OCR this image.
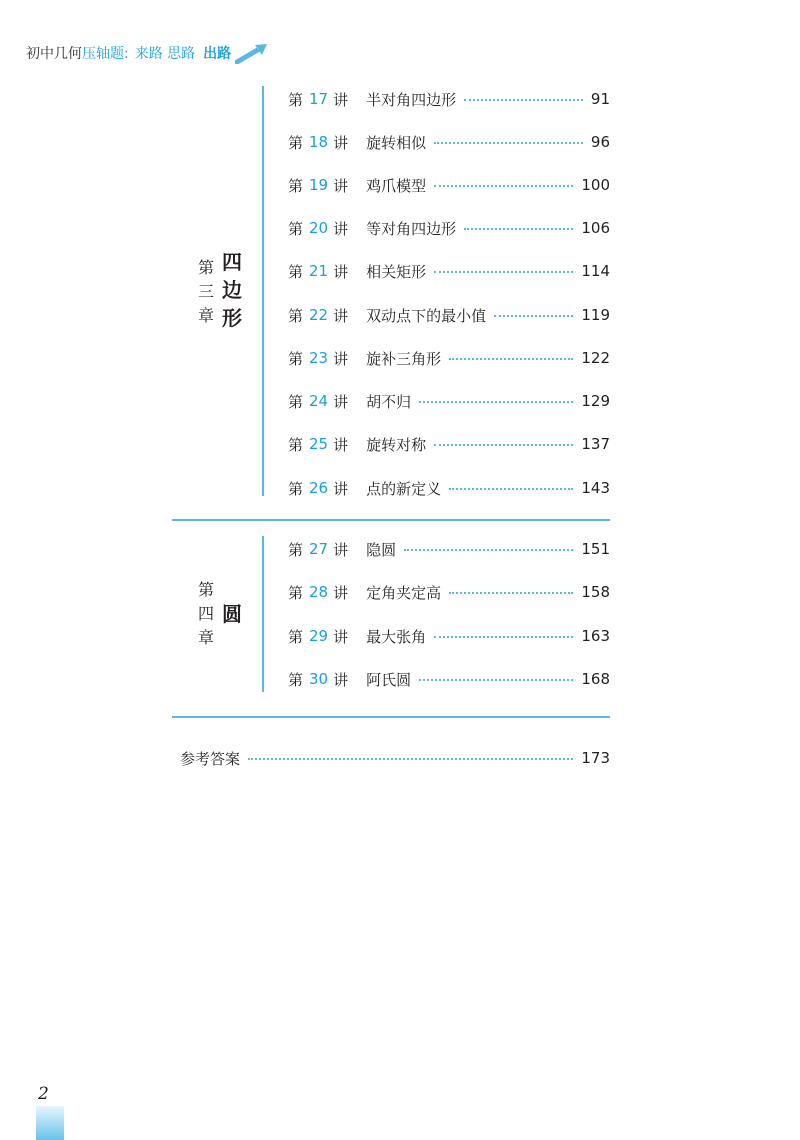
初中几何 压轴题: 来路 思路 出路
第
三
章
四
边
形
第 17 讲 半对角四边形	91
第 18 讲 旋转相似	96
第 19 讲 鸡爪模型	100
第 20 讲 等对角四边形	106
第 21 讲 相关矩形	114
第 22 讲 双动点下的最小值	119
第 23 讲 旋补三角形	122
第 24 讲 胡不归	129
第 25 讲 旋转对称	137
第 26 讲 点的新定义	143
第
四
章
圆
第 27 讲 隐圆	151
第 28 讲 定角夹定高	158
第 29 讲 最大张角	163
第 30 讲 阿氏圆	168
参考答案	173
2
